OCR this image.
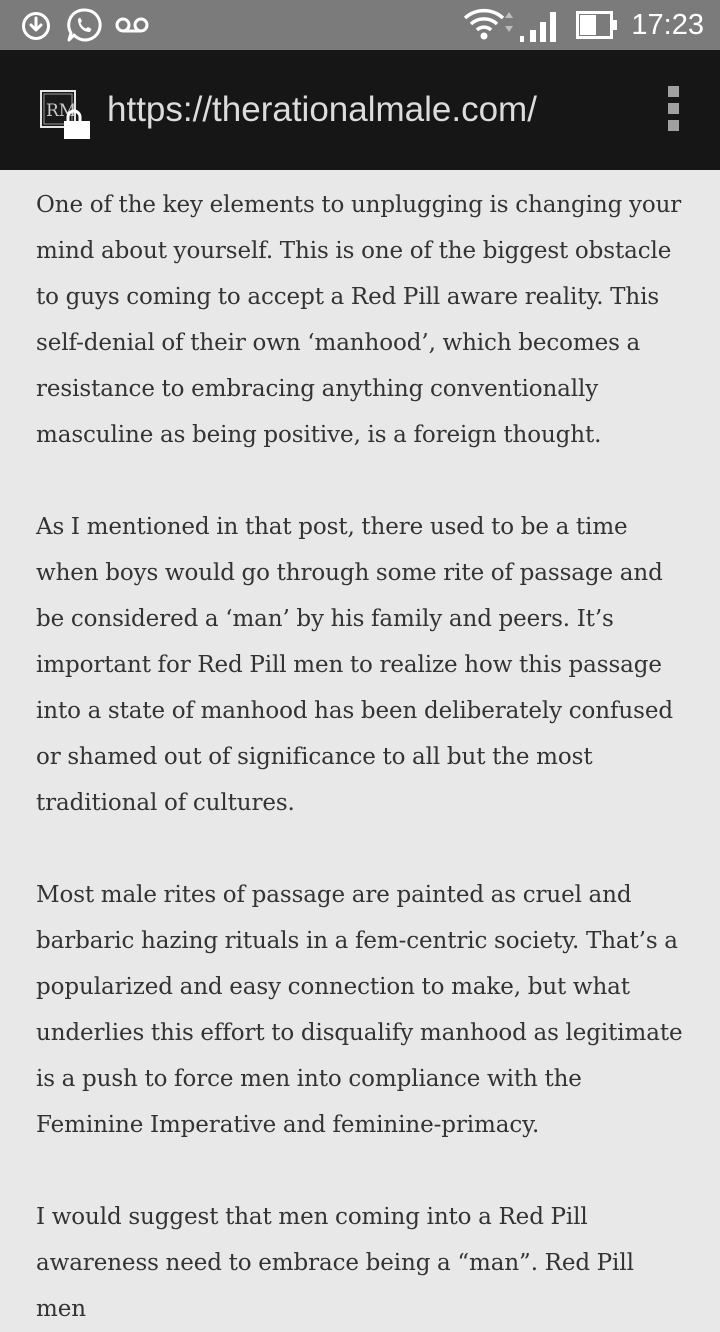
17:23
RM https://therationalmale.com/

One of the key elements to unplugging is changing your mind about yourself. This is one of the biggest obstacle to guys coming to accept a Red Pill aware reality. This self-denial of their own ‘manhood’, which becomes a resistance to embracing anything conventionally masculine as being positive, is a foreign thought.

As I mentioned in that post, there used to be a time when boys would go through some rite of passage and be considered a ‘man’ by his family and peers. It’s important for Red Pill men to realize how this passage into a state of manhood has been deliberately confused or shamed out of significance to all but the most traditional of cultures.

Most male rites of passage are painted as cruel and barbaric hazing rituals in a fem-centric society. That’s a popularized and easy connection to make, but what underlies this effort to disqualify manhood as legitimate is a push to force men into compliance with the Feminine Imperative and feminine-primacy.

I would suggest that men coming into a Red Pill awareness need to embrace being a “man”. Red Pill men
